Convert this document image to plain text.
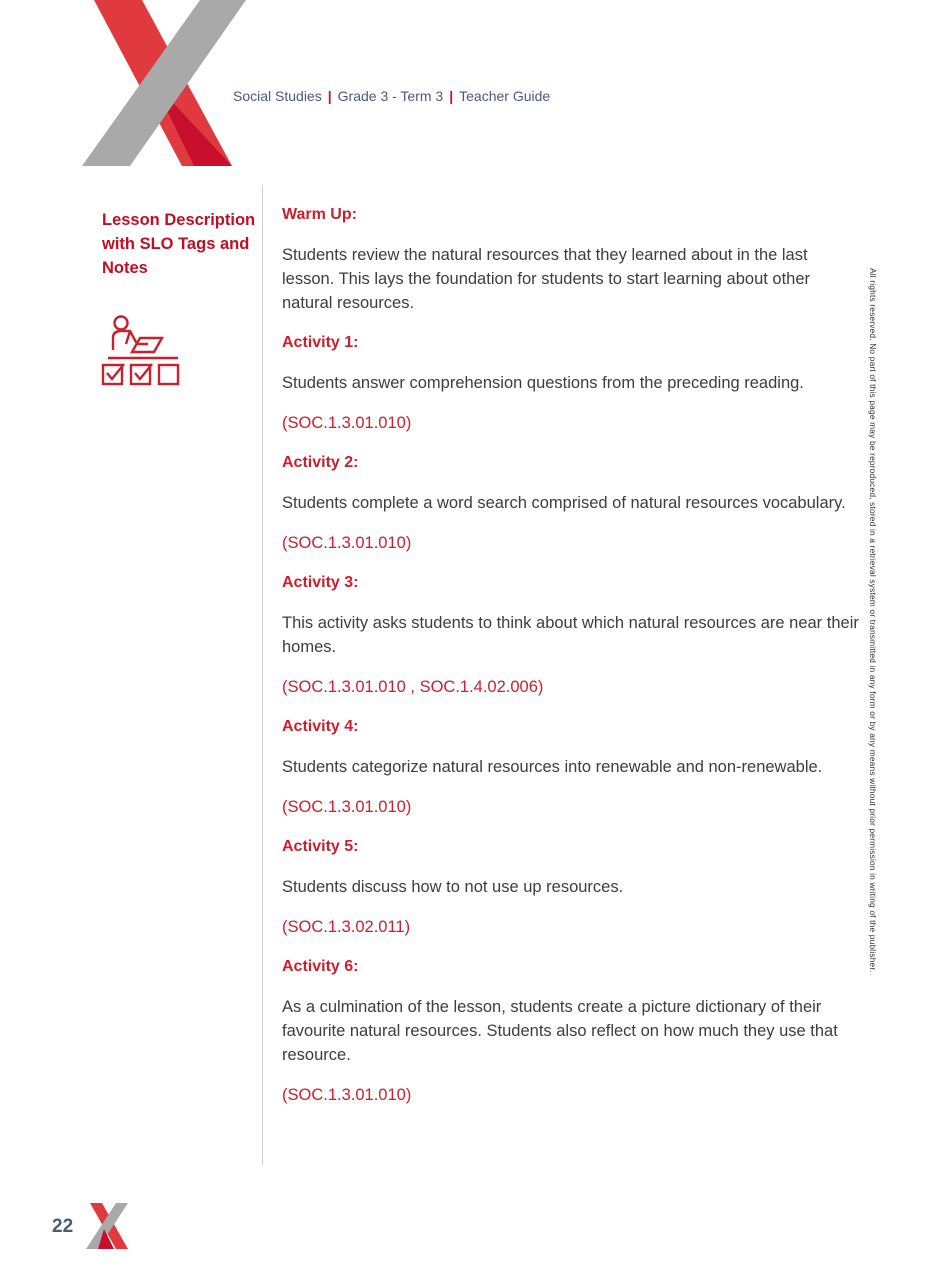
Social Studies | Grade 3 - Term 3 | Teacher Guide
Lesson Description with SLO Tags and Notes
Warm Up:
Students review the natural resources that they learned about in the last lesson. This lays the foundation for students to start learning about other natural resources.
Activity 1:
Students answer comprehension questions from the preceding reading.
(SOC.1.3.01.010)
Activity 2:
Students complete a word search comprised of natural resources vocabulary.
(SOC.1.3.01.010)
Activity 3:
This activity asks students to think about which natural resources are near their homes.
(SOC.1.3.01.010 , SOC.1.4.02.006)
Activity 4:
Students categorize natural resources into renewable and non-renewable.
(SOC.1.3.01.010)
Activity 5:
Students discuss how to not use up resources.
(SOC.1.3.02.011)
Activity 6:
As a culmination of the lesson, students create a picture dictionary of their favourite natural resources. Students also reflect on how much they use that resource.
(SOC.1.3.01.010)
All rights reserved. No part of this page may be reproduced, stored in a retrieval system or transmitted in any form or by any means without prior permission in writing of the publisher.
22
